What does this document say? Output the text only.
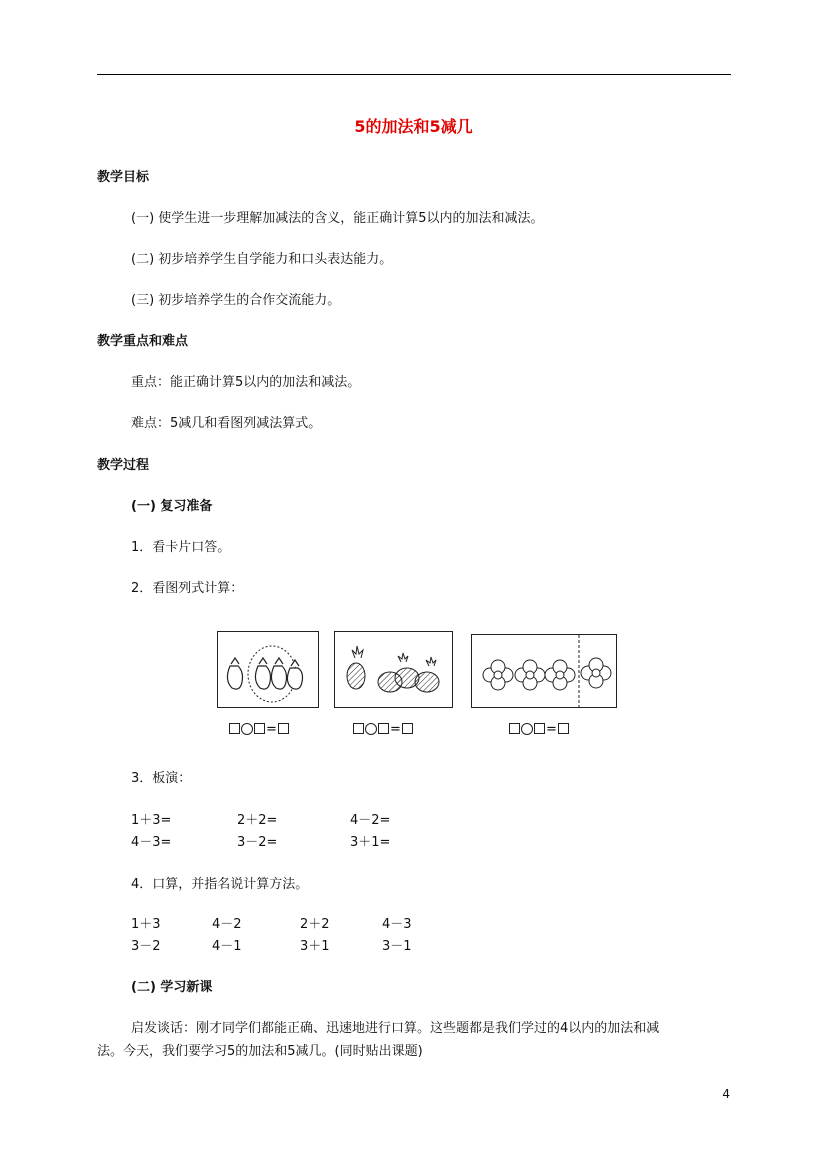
5的加法和5减几
教学目标
(一) 使学生进一步理解加减法的含义，能正确计算5以内的加法和减法。
(二) 初步培养学生自学能力和口头表达能力。
(三) 初步培养学生的合作交流能力。
教学重点和难点
重点：能正确计算5以内的加法和减法。
难点：5减几和看图列减法算式。
教学过程
(一) 复习准备
1．看卡片口答。
2．看图列式计算：
=	=	=
3．板演：
1＋3=	2＋2=	4－2=
4－3=	3－2=	3＋1=
4．口算，并指名说计算方法。
1＋3	4－2	2＋2	4－3
3－2	4－1	3＋1	3－1
(二) 学习新课
启发谈话：刚才同学们都能正确、迅速地进行口算。这些题都是我们学过的4以内的加法和减
法。今天，我们要学习5的加法和5减几。(同时贴出课题)
4
